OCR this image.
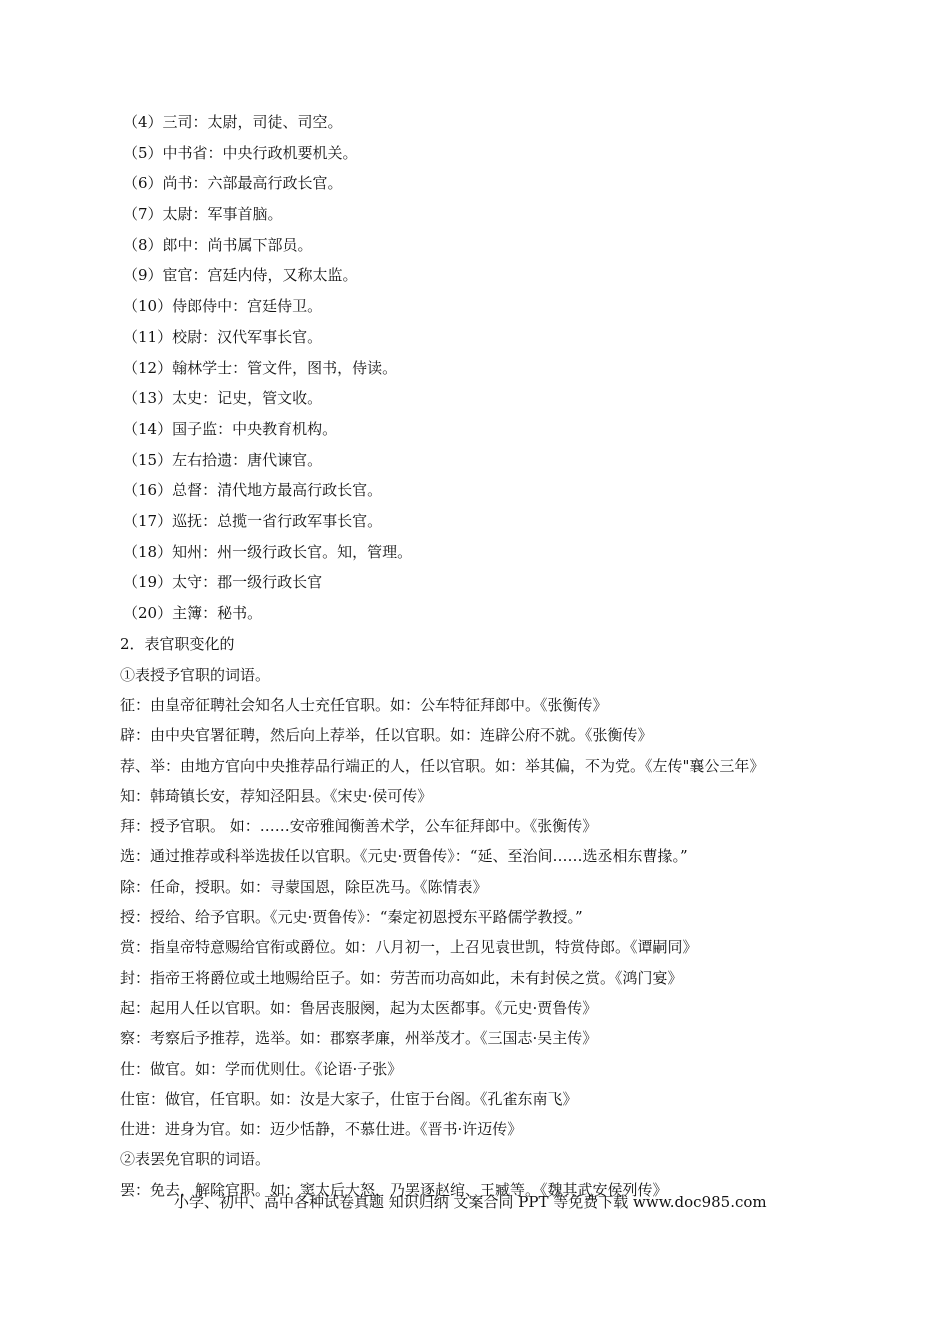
（4）三司：太尉，司徒、司空。

（5）中书省：中央行政机要机关。

（6）尚书：六部最高行政长官。

（7）太尉：军事首脑。

（8）郎中：尚书属下部员。

（9）宦官：宫廷内侍，又称太监。

（10）侍郎侍中：宫廷侍卫。

（11）校尉：汉代军事长官。

（12）翰林学士：管文件，图书，侍读。

（13）太史：记史，管文收。

（14）国子监：中央教育机构。

（15）左右拾遗：唐代谏官。

（16）总督：清代地方最高行政长官。

（17）巡抚：总揽一省行政军事长官。

（18）知州：州一级行政长官。知，管理。

（19）太守：郡一级行政长官

（20）主簿：秘书。

2．表官职变化的

①表授予官职的词语。

征：由皇帝征聘社会知名人士充任官职。如：公车特征拜郎中。《张衡传》

辟：由中央官署征聘，然后向上荐举，任以官职。如：连辟公府不就。《张衡传》

荐、举：由地方官向中央推荐品行端正的人，任以官职。如：举其偏，不为党。《左传"襄公三年》

知：韩琦镇长安，荐知泾阳县。《宋史·侯可传》

拜：授予官职。 如：……安帝雅闻衡善术学，公车征拜郎中。《张衡传》

选：通过推荐或科举选拔任以官职。《元史·贾鲁传》：“延、至治间……选丞相东曹掾。”

除：任命，授职。如：寻蒙国恩，除臣冼马。《陈情表》

授：授给、给予官职。《元史·贾鲁传》：“秦定初恩授东平路儒学教授。”

赏：指皇帝特意赐给官衔或爵位。如：八月初一，上召见袁世凯，特赏侍郎。《谭嗣同》

封：指帝王将爵位或土地赐给臣子。如：劳苦而功高如此，未有封侯之赏。《鸿门宴》

起：起用人任以官职。如：鲁居丧服阕，起为太医都事。《元史·贾鲁传》

察：考察后予推荐，选举。如：郡察孝廉，州举茂才。《三国志·吴主传》

仕：做官。如：学而优则仕。《论语·子张》

仕宦：做官，任官职。如：汝是大家子，仕宦于台阁。《孔雀东南飞》

仕进：进身为官。如：迈少恬静，不慕仕进。《晋书·许迈传》

②表罢免官职的词语。

罢：免去，解除官职。如：窦太后大怒，乃罢逐赵绾、王臧等。《魏其武安侯列传》

小学、初中、高中各种试卷真题 知识归纳 文案合同 PPT 等免费下载 www.doc985.com
